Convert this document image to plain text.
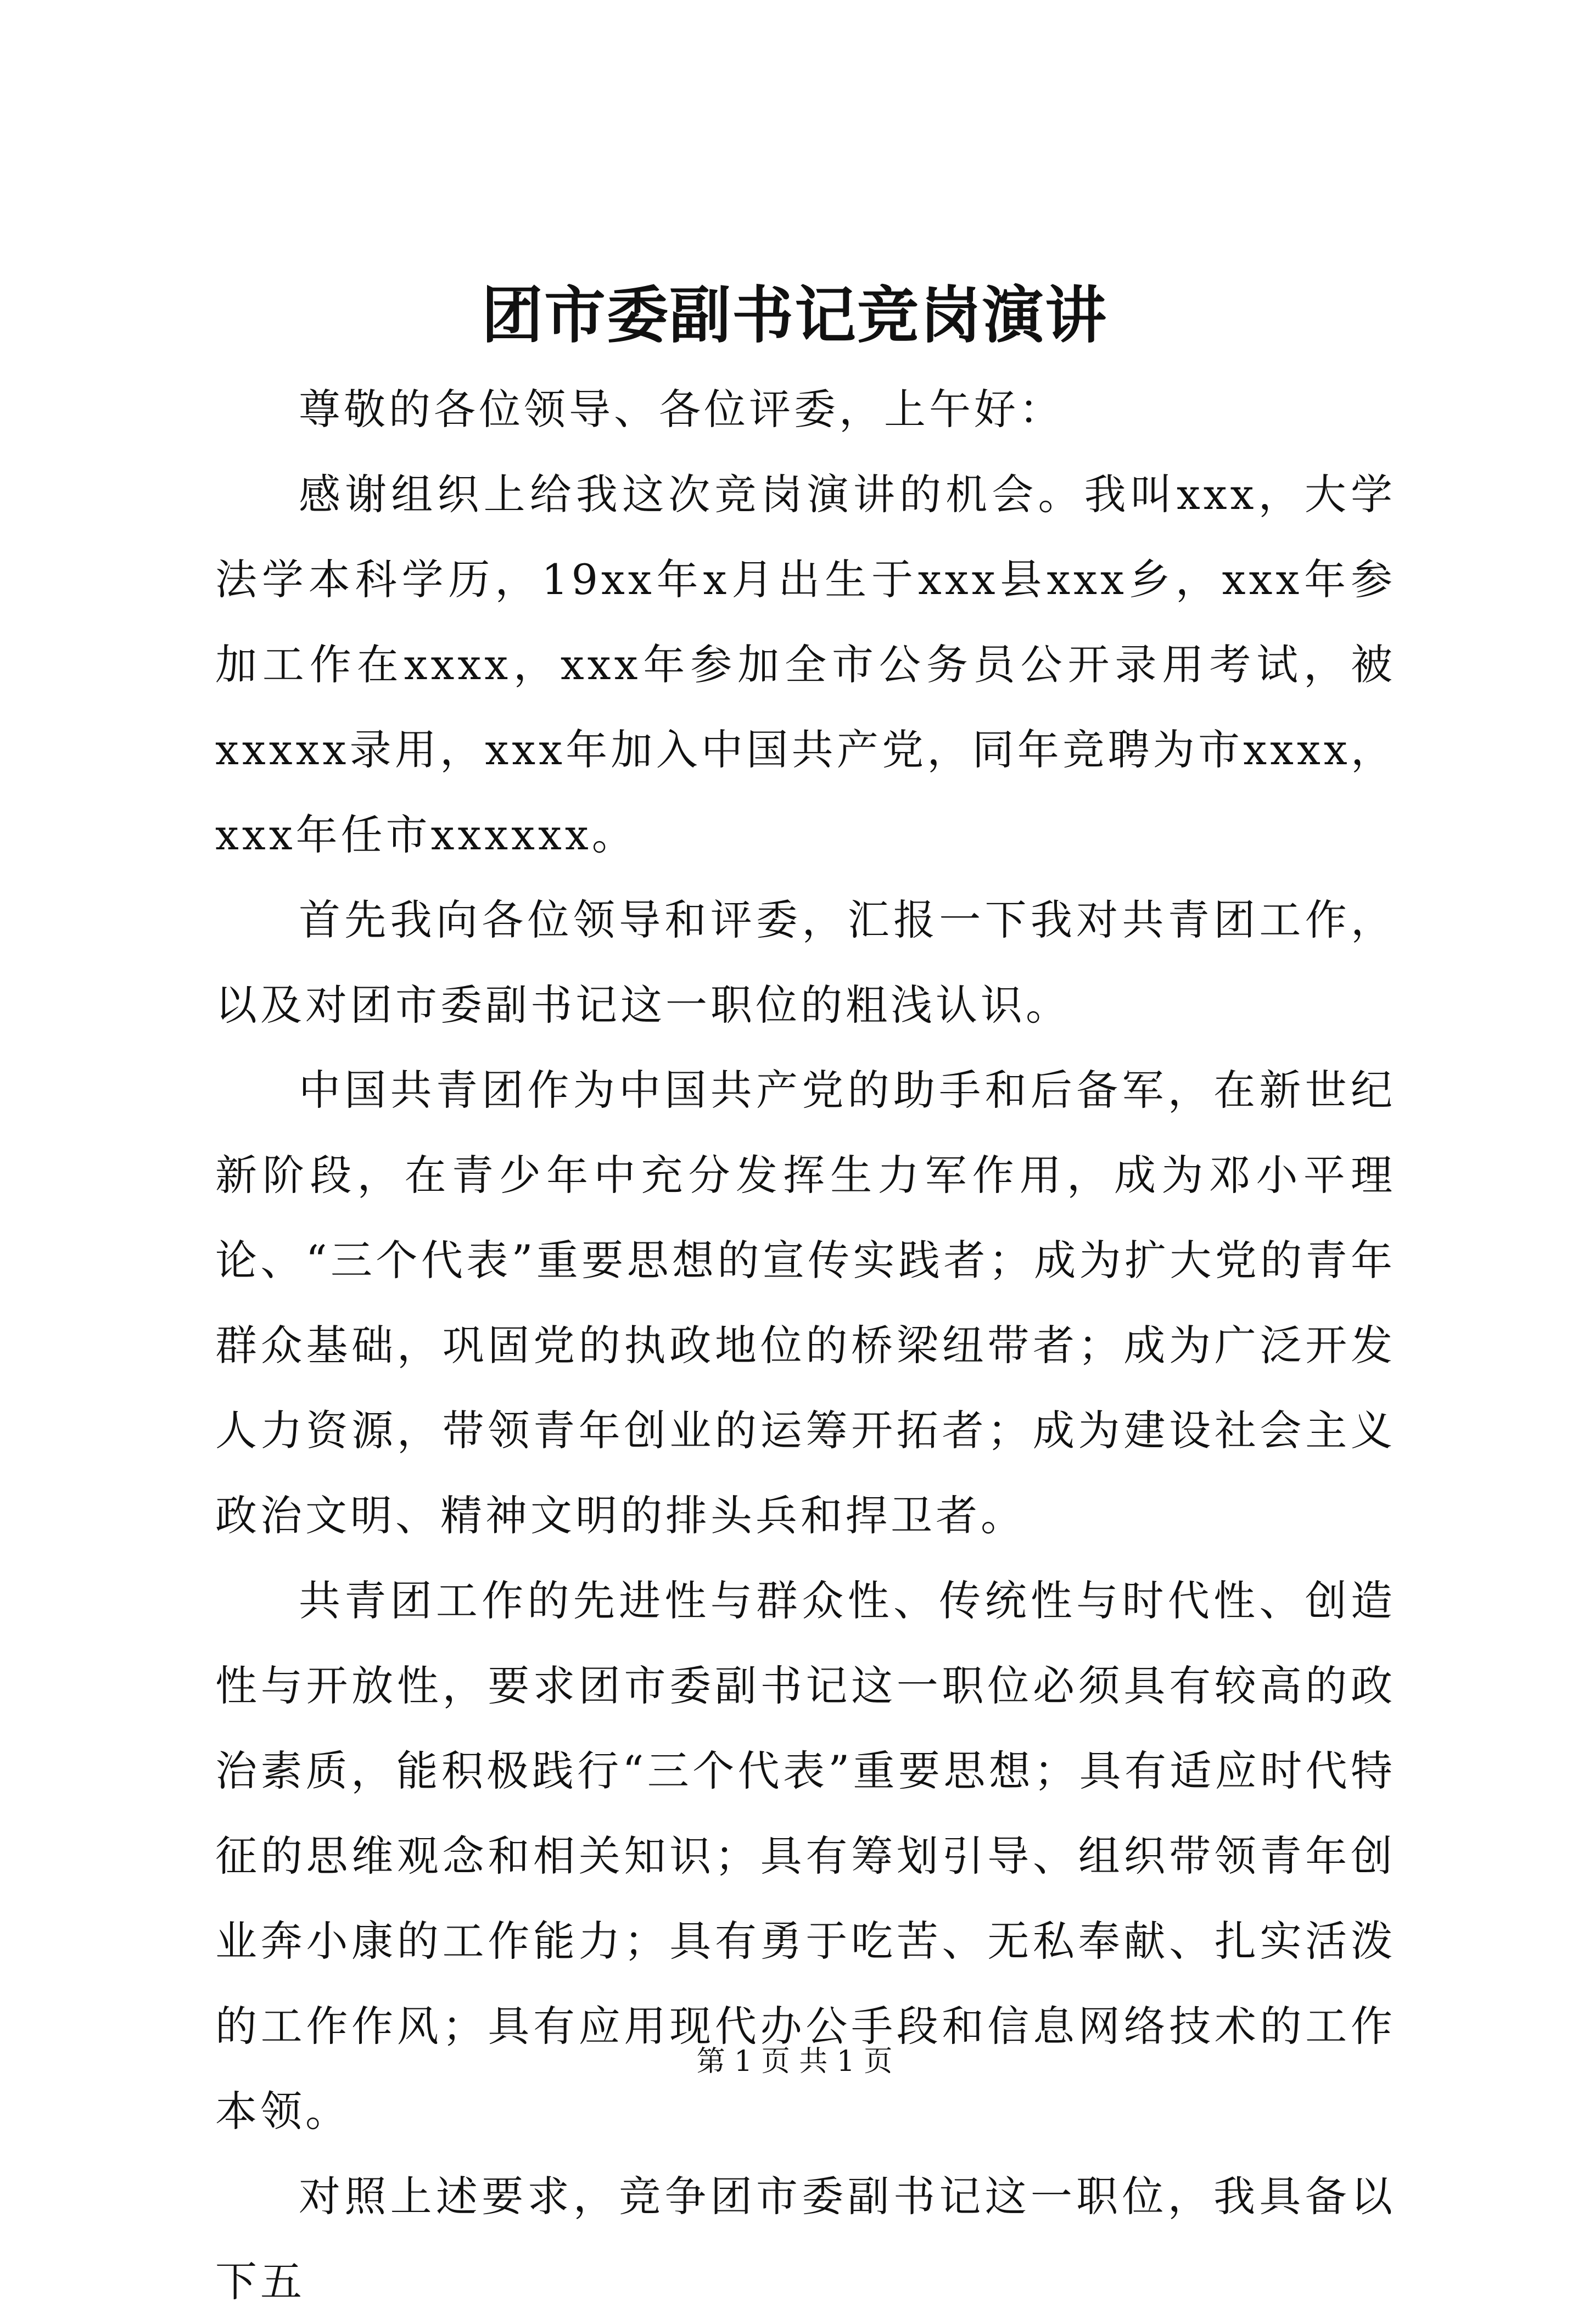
团市委副书记竞岗演讲

尊敬的各位领导、各位评委，上午好：

感谢组织上给我这次竞岗演讲的机会。我叫xxx，大学法学本科学历，19xx年x月出生于xxx县xxx乡，xxx年参加工作在xxxx，xxx年参加全市公务员公开录用考试，被xxxxx录用，xxx年加入中国共产党，同年竞聘为市xxxx，xxx年任市xxxxxx。

首先我向各位领导和评委，汇报一下我对共青团工作，以及对团市委副书记这一职位的粗浅认识。

中国共青团作为中国共产党的助手和后备军，在新世纪新阶段，在青少年中充分发挥生力军作用，成为邓小平理论、“三个代表”重要思想的宣传实践者；成为扩大党的青年群众基础，巩固党的执政地位的桥梁纽带者；成为广泛开发人力资源，带领青年创业的运筹开拓者；成为建设社会主义政治文明、精神文明的排头兵和捍卫者。

共青团工作的先进性与群众性、传统性与时代性、创造性与开放性，要求团市委副书记这一职位必须具有较高的政治素质，能积极践行“三个代表”重要思想；具有适应时代特征的思维观念和相关知识；具有筹划引导、组织带领青年创业奔小康的工作能力；具有勇于吃苦、无私奉献、扎实活泼的工作作风；具有应用现代办公手段和信息网络技术的工作本领。

对照上述要求，竞争团市委副书记这一职位，我具备以下五

第 1 页 共 1 页
